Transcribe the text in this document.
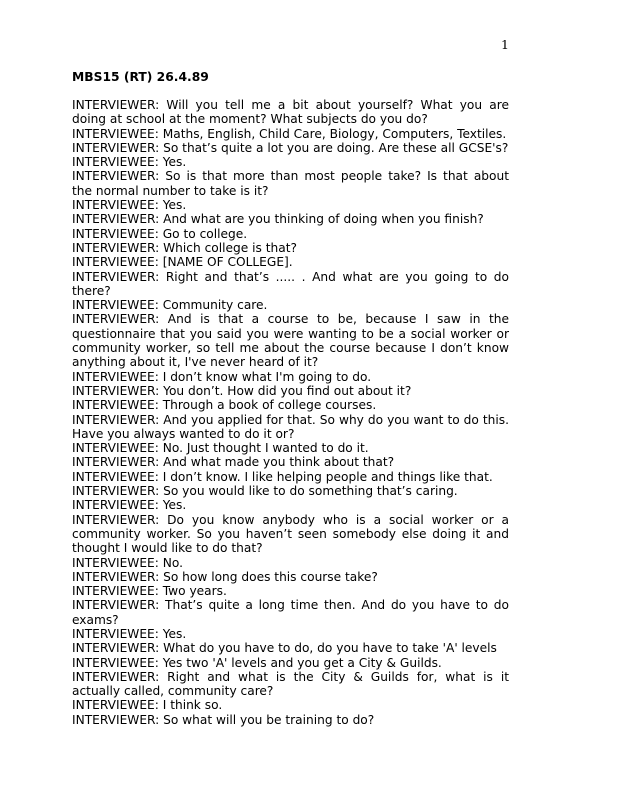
1
MBS15 (RT) 26.4.89
INTERVIEWER: Will you tell me a bit about yourself? What you are doing at school at the moment? What subjects do you do?
INTERVIEWEE: Maths, English, Child Care, Biology, Computers, Textiles.
INTERVIEWER: So that’s quite a lot you are doing. Are these all GCSE's?
INTERVIEWEE: Yes.
INTERVIEWER: So is that more than most people take? Is that about the normal number to take is it?
INTERVIEWEE: Yes.
INTERVIEWER: And what are you thinking of doing when you finish?
INTERVIEWEE: Go to college.
INTERVIEWER: Which college is that?
INTERVIEWEE: [NAME OF COLLEGE].
INTERVIEWER: Right and that’s ..... . And what are you going to do there?
INTERVIEWEE: Community care.
INTERVIEWER: And is that a course to be, because I saw in the questionnaire that you said you were wanting to be a social worker or community worker, so tell me about the course because I don’t know anything about it, I've never heard of it?
INTERVIEWEE: I don’t know what I'm going to do.
INTERVIEWER: You don’t. How did you find out about it?
INTERVIEWEE: Through a book of college courses.
INTERVIEWER: And you applied for that. So why do you want to do this. Have you always wanted to do it or?
INTERVIEWEE: No. Just thought I wanted to do it.
INTERVIEWER: And what made you think about that?
INTERVIEWEE: I don’t know. I like helping people and things like that.
INTERVIEWER: So you would like to do something that’s caring.
INTERVIEWEE: Yes.
INTERVIEWER: Do you know anybody who is a social worker or a community worker. So you haven’t seen somebody else doing it and thought I would like to do that?
INTERVIEWEE: No.
INTERVIEWER: So how long does this course take?
INTERVIEWEE: Two years.
INTERVIEWER: That’s quite a long time then. And do you have to do exams?
INTERVIEWEE: Yes.
INTERVIEWER: What do you have to do, do you have to take 'A' levels
INTERVIEWEE: Yes two 'A' levels and you get a City & Guilds.
INTERVIEWER: Right and what is the City & Guilds for, what is it actually called, community care?
INTERVIEWEE: I think so.
INTERVIEWER: So what will you be training to do?
